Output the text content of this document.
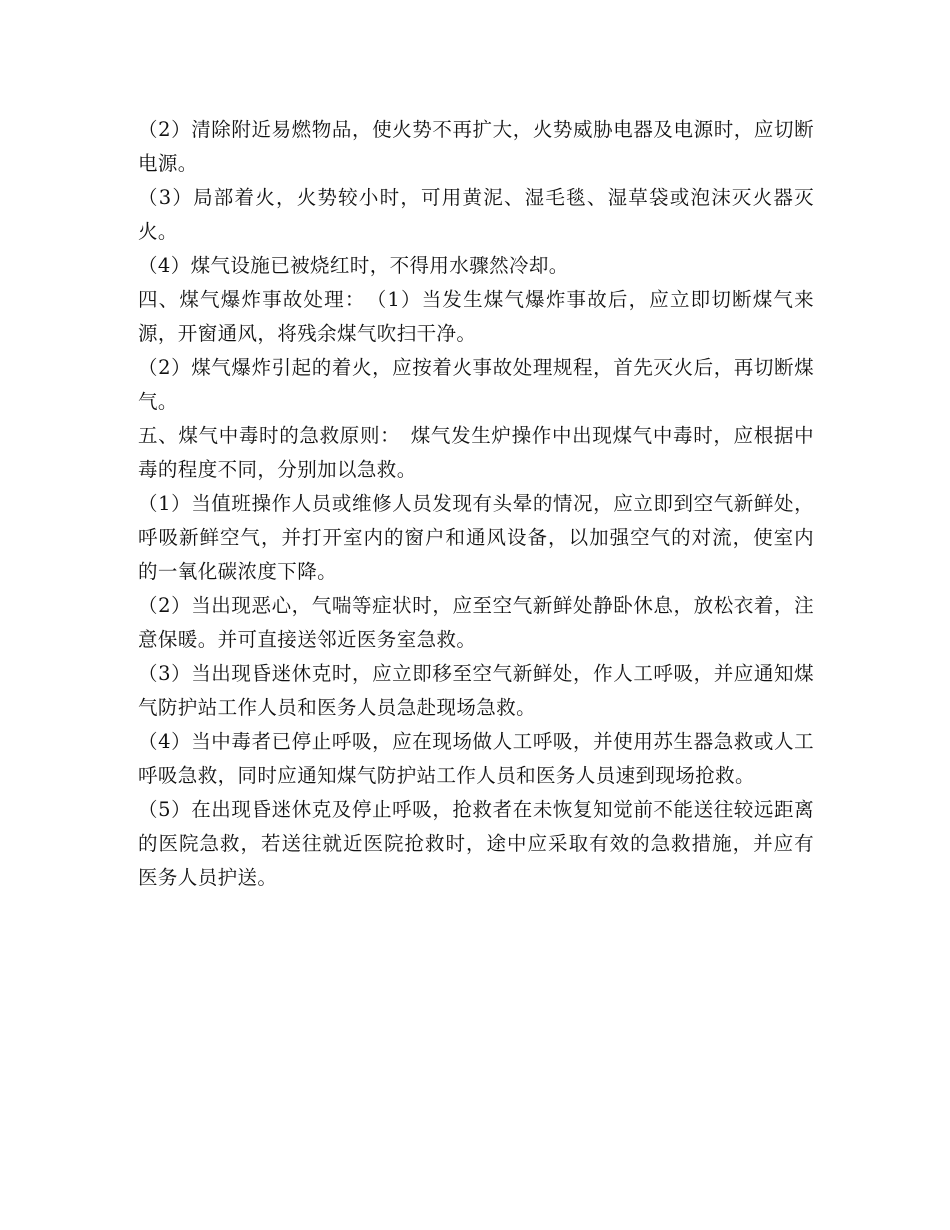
（2）清除附近易燃物品，使火势不再扩大，火势威胁电器及电源时，应切断电源。

（3）局部着火，火势较小时，可用黄泥、湿毛毯、湿草袋或泡沫灭火器灭火。

（4）煤气设施已被烧红时，不得用水骤然冷却。

四、煤气爆炸事故处理：　（1）当发生煤气爆炸事故后，应立即切断煤气来源，开窗通风，将残余煤气吹扫干净。

（2）煤气爆炸引起的着火，应按着火事故处理规程，首先灭火后，再切断煤气。

五、煤气中毒时的急救原则：　煤气发生炉操作中出现煤气中毒时，应根据中毒的程度不同，分别加以急救。

（1）当值班操作人员或维修人员发现有头晕的情况，应立即到空气新鲜处，呼吸新鲜空气，并打开室内的窗户和通风设备，以加强空气的对流，使室内的一氧化碳浓度下降。

（2）当出现恶心，气喘等症状时，应至空气新鲜处静卧休息，放松衣着，注意保暖。并可直接送邻近医务室急救。

（3）当出现昏迷休克时，应立即移至空气新鲜处，作人工呼吸，并应通知煤气防护站工作人员和医务人员急赴现场急救。

（4）当中毒者已停止呼吸，应在现场做人工呼吸，并使用苏生器急救或人工呼吸急救，同时应通知煤气防护站工作人员和医务人员速到现场抢救。

（5）在出现昏迷休克及停止呼吸，抢救者在未恢复知觉前不能送往较远距离的医院急救，若送往就近医院抢救时，途中应采取有效的急救措施，并应有医务人员护送。
